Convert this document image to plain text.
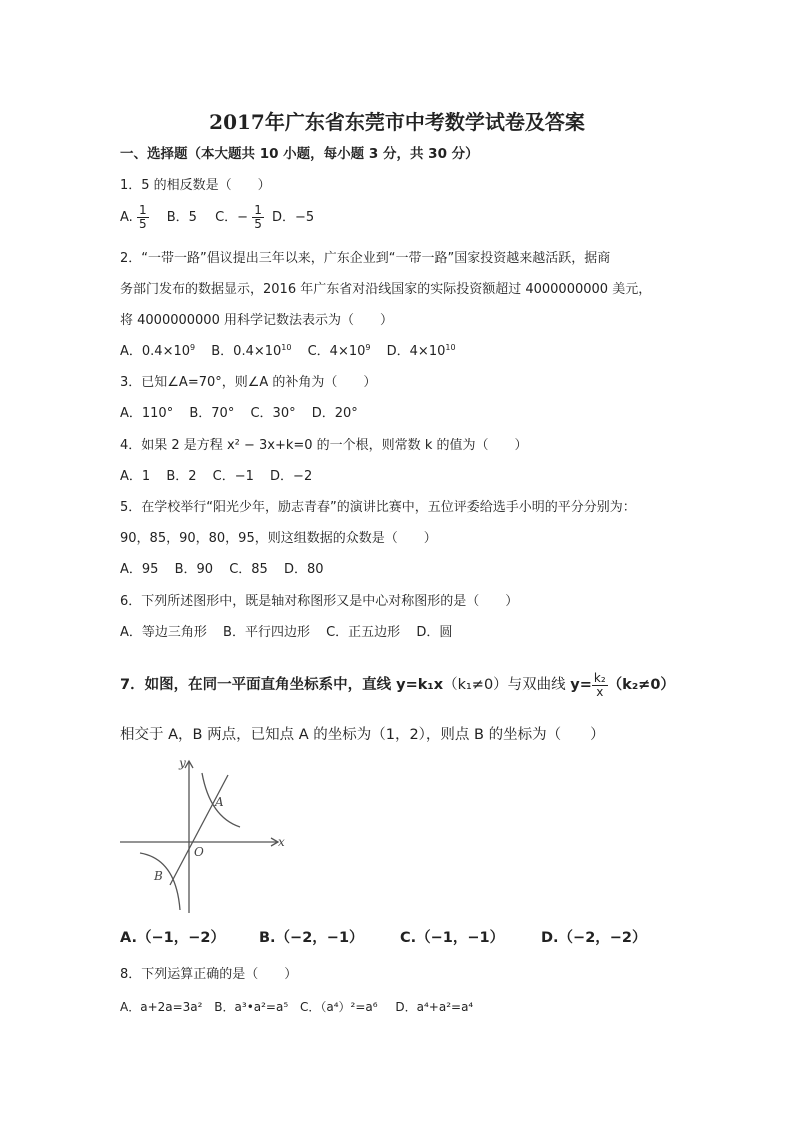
2017年广东省东莞市中考数学试卷及答案
一、选择题（本大题共 10 小题，每小题 3 分，共 30 分）
1．5 的相反数是（　　）
A. $\frac{1}{5}$ B．5 C．− $\frac{1}{5}$ D．−5
2．“一带一路”倡议提出三年以来，广东企业到“一带一路”国家投资越来越活跃，据商
务部门发布的数据显示，2016 年广东省对沿线国家的实际投资额超过 4000000000 美元，
将 4000000000 用科学记数法表示为（　　）
A．$0.4\times 10^9$ B．$0.4\times 10^{10}$ C．$4\times 10^9$ D．$4\times 10^{10}$
3．已知∠A=70°，则∠A 的补角为（　　）
A．110° B．70° C．30° D．20°
4．如果 2 是方程 x² − 3x+k=0 的一个根，则常数 k 的值为（　　）
A．1 B．2 C．−1 D．−2
5．在学校举行“阳光少年，励志青春”的演讲比赛中，五位评委给选手小明的平分分别为：
90，85，90，80，95，则这组数据的众数是（　　）
A．95 B．90 C．85 D．80
6．下列所述图形中，既是轴对称图形又是中心对称图形的是（　　）
A．等边三角形 B．平行四边形 C．正五边形 D．圆
7．如图，在同一平面直角坐标系中，直线 y=k₁x（k₁≠0）与双曲线 $y= \frac{\text{k₂}}{x} (k_2\ne 0)$
相交于 A，B 两点，已知点 A 的坐标为（1，2），则点 B 的坐标为（　　）
y
x
O
A
B
A.（−1，−2） B.（−2，−1）	C.（−1，−1）	D.（−2，−2）
8．下列运算正确的是（　　）
A．a+2a=3a² B．a³•a²=a⁵ C．（a⁴）²=a⁶ D．a⁴+a²=a⁴
